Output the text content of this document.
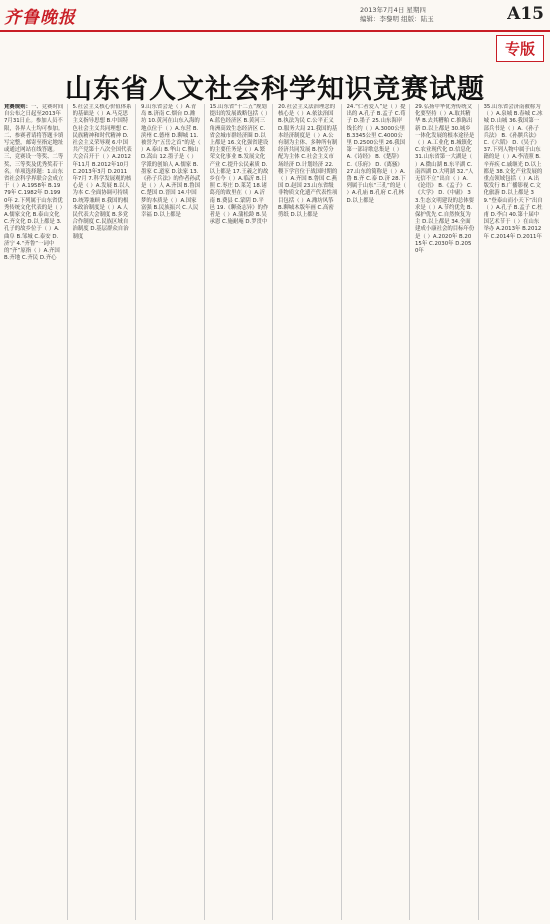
齐鲁晚报	2013年7月4日 星期四
编辑：李黎明 组版：陆玉	A15
专版
山东省人文社会科学知识竞赛试题

竞赛规则：一、竞赛时间自公布之日起至2013年7月31日止。参加人员不限，各界人士均可参加。二、参赛者请将答题卡填写完整，邮寄至指定地址或通过网站在线答题。三、竞赛设一等奖、二等奖、三等奖及优秀奖若干名。单项选择题：1.山东省社会科学界联合会成立于（ ）A.1958年 B.1979年 C.1982年 D.1990年 2.下列属于山东省优秀传统文化代表的是（ ）A.儒家文化 B.泰山文化 C.齐文化 D.以上都是 3.孔子的故乡位于（ ）A.曲阜 B.邹城 C.泰安 D.济宁 4.“齐鲁”一词中的“齐”原指（ ）A.齐国 B.齐地 C.齐民 D.齐心

5.社会主义核心价值体系的基础是（ ）A.马克思主义指导思想 B.中国特色社会主义共同理想 C.民族精神和时代精神 D.社会主义荣辱观 6.中国共产党第十八次全国代表大会召开于（ ）A.2012年11月 B.2012年10月 C.2013年3月 D.2011年7月 7.科学发展观的核心是（ ）A.发展 B.以人为本 C.全面协调可持续 D.统筹兼顾 8.我国的根本政治制度是（ ）A.人民代表大会制度 B.多党合作制度 C.民族区域自治制度 D.基层群众自治制度

9.山东省会是（ ）A.青岛 B.济南 C.烟台 D.潍坊 10.黄河在山东入海的地点位于（ ）A.东营 B.滨州 C.德州 D.聊城 11.被誉为“五岳之首”的是（ ）A.泰山 B.华山 C.衡山 D.嵩山 12.墨子是（ ）学派的创始人 A.儒家 B.墨家 C.道家 D.法家 13.《孙子兵法》的作者孙武是（ ）人 A.齐国 B.鲁国 C.楚国 D.晋国 14.中国梦的本质是（ ）A.国家富强 B.民族振兴 C.人民幸福 D.以上都是

15.山东省“十二五”规划提出的发展战略包括（ ）A.蓝色经济区 B.黄河三角洲高效生态经济区 C.省会城市群经济圈 D.以上都是 16.文化强省建设的主要任务是（ ）A.繁荣文化事业 B.发展文化产业 C.提升公民素质 D.以上都是 17.王羲之的故乡在今（ ）A.临沂 B.日照 C.枣庄 D.莱芜 18.诸葛亮的故里在（ ）A.沂南 B.费县 C.蒙阴 D.平邑 19.《聊斋志异》的作者是（ ）A.蒲松龄 B.吴承恩 C.施耐庵 D.罗贯中

20.社会主义法治理念的核心是（ ）A.依法治国 B.执法为民 C.公平正义 D.服务大局 21.我国的基本经济制度是（ ）A.公有制为主体、多种所有制经济共同发展 B.按劳分配为主体 C.社会主义市场经济 D.计划经济 22.稷下学宫位于战国时期的（ ）A.齐国 B.鲁国 C.燕国 D.赵国 23.山东省级非物质文化遗产代表性项目包括（ ）A.潍坊风筝 B.聊城木版年画 C.高密剪纸 D.以上都是

24.“仁者爱人”是（ ）提出的 A.孔子 B.孟子 C.荀子 D.墨子 25.山东海岸线长约（ ）A.3000公里 B.3345公里 C.4000公里 D.2500公里 26.我国第一部诗歌总集是（ ）A.《诗经》 B.《楚辞》 C.《乐府》 D.《离骚》 27.山东的简称是（ ）A.鲁 B.齐 C.泰 D.济 28.下列属于山东“三孔”的是（ ）A.孔庙 B.孔府 C.孔林 D.以上都是

29.弘扬中华优秀传统文化要坚持（ ）A.取其精华 B.去其糟粕 C.推陈出新 D.以上都是 30.城乡一体化发展的根本途径是（ ）A.工业化 B.城镇化 C.农业现代化 D.信息化 31.山东省第一大湖是（ ）A.微山湖 B.东平湖 C.南四湖 D.大明湖 32.“人无信不立”出自（ ）A.《论语》 B.《孟子》 C.《大学》 D.《中庸》 33.生态文明建设的总体要求是（ ）A.节约优先 B.保护优先 C.自然恢复为主 D.以上都是 34.全面建成小康社会的目标年份是（ ）A.2020年 B.2015年 C.2030年 D.2050年

35.山东省会济南被称为（ ）A.泉城 B.春城 C.冰城 D.山城 36.我国第一部兵书是（ ）A.《孙子兵法》 B.《孙膑兵法》 C.《六韬》 D.《吴子》 37.下列人物中属于山东籍的是（ ）A.李清照 B.辛弃疾 C.戚继光 D.以上都是 38.文化产业发展的重点领域包括（ ）A.出版发行 B.广播影视 C.文化旅游 D.以上都是 39.“登泰山而小天下”出自（ ）A.孔子 B.孟子 C.杜甫 D.李白 40.第十届中国艺术节于（ ）在山东举办 A.2013年 B.2012年 C.2014年 D.2011年
